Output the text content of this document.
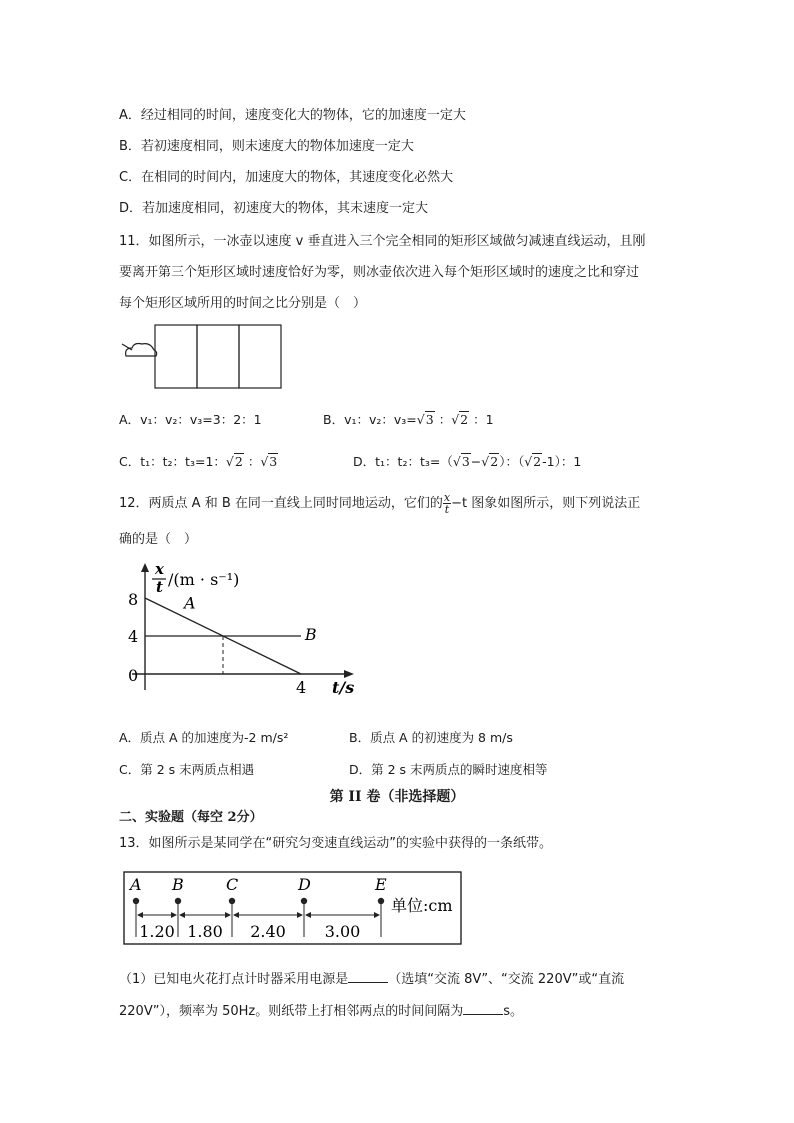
A．经过相同的时间，速度变化大的物体，它的加速度一定大
B．若初速度相同，则末速度大的物体加速度一定大
C．在相同的时间内，加速度大的物体，其速度变化必然大
D．若加速度相同，初速度大的物体，其末速度一定大
11．如图所示，一冰壶以速度 v 垂直进入三个完全相同的矩形区域做匀减速直线运动，且刚
要离开第三个矩形区域时速度恰好为零，则冰壶依次进入每个矩形区域时的速度之比和穿过
每个矩形区域所用的时间之比分别是（　）
A．v₁：v₂：v₃=3：2：1	B．v₁：v₂：v₃=√3 ：√2 ：1
C．t₁：t₂：t₃=1：√2 ：√3	D．t₁：t₂：t₃=（√3−√2）：（√2-1）：1
12．两质点 A 和 B 在同一直线上同时同地运动，它们的 $\frac{x}{t} -t$ 图象如图所示，则下列说法正
确的是（　）
x
t /(m · s⁻¹)
t/s
8
4
0
4
A
B
A．质点 A 的加速度为-2 m/s²	B．质点 A 的初速度为 8 m/s
C．第 2 s 末两质点相遇	D．第 2 s 末两质点的瞬时速度相等
第 II 卷（非选择题）
二、实验题（每空 2分）
13．如图所示是某同学在“研究匀变速直线运动”的实验中获得的一条纸带。
A B	C	D	E
1.20 1.80 2.40 3.00
单位:cm
（1）已知电火花打点计时器采用电源是	（选填“交流 8V”、“交流 220V”或“直流
220V”），频率为 50Hz。则纸带上打相邻两点的时间间隔为	s。
